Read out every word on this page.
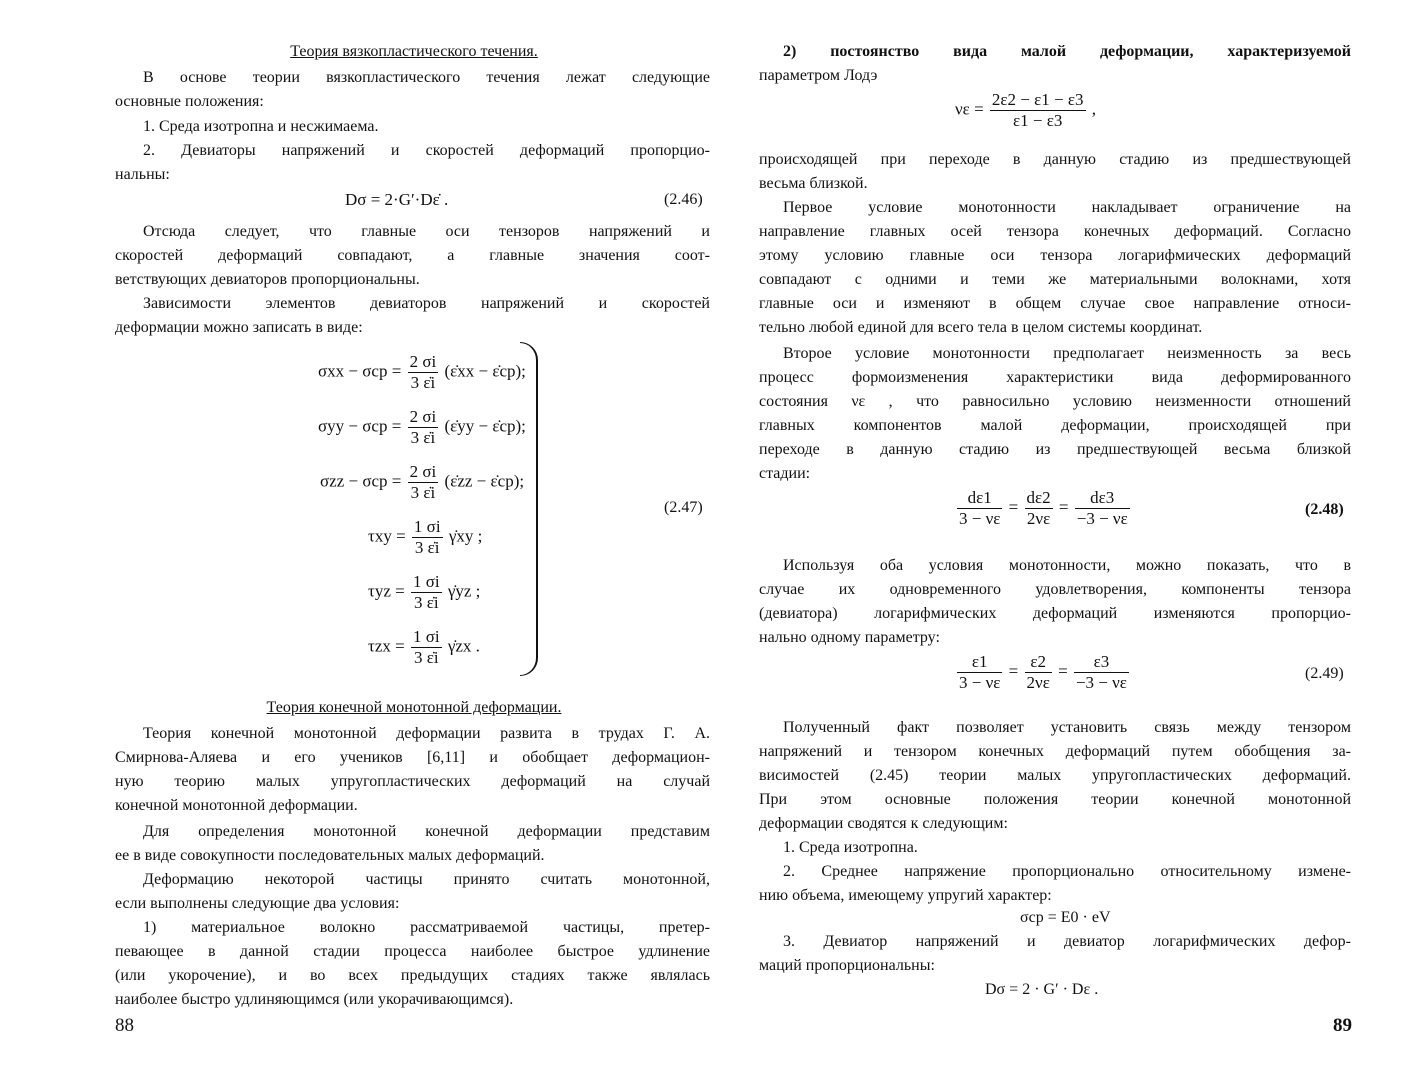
Теория вязкопластического течения.
В основе теории вязкопластического течения лежат следующие
основные положения:
1. Среда изотропна и несжимаема.
2. Девиаторы напряжений и скоростей деформаций пропорцио-
нальны:
Dσ = 2·G′·Dε̇ .	(2.46)
Отсюда следует, что главные оси тензоров напряжений и
скоростей деформаций совпадают, а главные значения соот-
ветствующих девиаторов пропорциональны.
Зависимости элементов девиаторов напряжений и скоростей
деформации можно записать в виде:
$\sigma xx - \sigma cp = \frac{2 \sigma i}{3 \varepsiloṅi}$ (ε̇xx − ε̇cp);
$\sigma yy - \sigma cp = \frac{2 \sigma i}{3 \varepsiloṅi}$ (ε̇yy − ε̇cp);
$\sigma zz - \sigma cp = \frac{2 \sigma i}{3 \varepsiloṅi}$ (ε̇zz − ε̇cp);
$\tau xy = \frac{1 \sigma i}{3 \varepsiloṅi}$ γ̇xy ;
$\tau yz = \frac{1 \sigma i}{3 \varepsiloṅi}$ γ̇yz ;
$\tau zx = \frac{1 \sigma i}{3 \varepsiloṅi}$ γ̇zx .
(2.47)
Теория конечной монотонной деформации.
Теория конечной монотонной деформации развита в трудах Г. А.
Смирнова-Аляева и его учеников [6,11] и обобщает деформацион-
ную теорию малых упругопластических деформаций на случай
конечной монотонной деформации.
Для определения монотонной конечной деформации представим
ее в виде совокупности последовательных малых деформаций.
Деформацию некоторой частицы принято считать монотонной,
если выполнены следующие два условия:
1) материальное волокно рассматриваемой частицы, претер-
певающее в данной стадии процесса наиболее быстрое удлинение
(или укорочение), и во всех предыдущих стадиях также являлась
наиболее быстро удлиняющимся (или укорачивающимся).
88
2) постоянство вида малой деформации, характеризуемой
параметром Лодэ
$\nu\varepsilon = \frac{2\varepsilon 2 - \varepsilon 1 - \varepsilon 3}{\varepsilon 1 - \varepsilon 3}$ ,
происходящей при переходе в данную стадию из предшествующей
весьма близкой.
Первое условие монотонности накладывает ограничение на
направление главных осей тензора конечных деформаций. Согласно
этому условию главные оси тензора логарифмических деформаций
совпадают с одними и теми же материальными волокнами, хотя
главные оси и изменяют в общем случае свое направление относи-
тельно любой единой для всего тела в целом системы координат.
Второе условие монотонности предполагает неизменность за весь
процесс формоизменения характеристики вида деформированного
состояния νε , что равносильно условию неизменности отношений
главных компонентов малой деформации, происходящей при
переходе в данную стадию из предшествующей весьма близкой
стадии:
$\frac{d\varepsilon 1}{3 - \nu\varepsilon} = \frac{d\varepsilon 2}{2\nu\varepsilon} = \frac{d\varepsilon 3}{-3 - \nu\varepsilon}$	(2.48)
Используя оба условия монотонности, можно показать, что в
случае их одновременного удовлетворения, компоненты тензора
(девиатора) логарифмических деформаций изменяются пропорцио-
нально одному параметру:
$\frac{\varepsilon 1}{3 - \nu\varepsilon} = \frac{\varepsilon 2}{2\nu\varepsilon} = \frac{\varepsilon 3}{-3 - \nu\varepsilon}$	(2.49)
Полученный факт позволяет установить связь между тензором
напряжений и тензором конечных деформаций путем обобщения за-
висимостей (2.45) теории малых упругопластических деформаций.
При этом основные положения теории конечной монотонной
деформации сводятся к следующим:
1. Среда изотропна.
2. Среднее напряжение пропорционально относительному измене-
нию объема, имеющему упругий характер:
σcp = E0 · eV
3. Девиатор напряжений и девиатор логарифмических дефор-
маций пропорциональны:
Dσ = 2 · G′ · Dε .
89
